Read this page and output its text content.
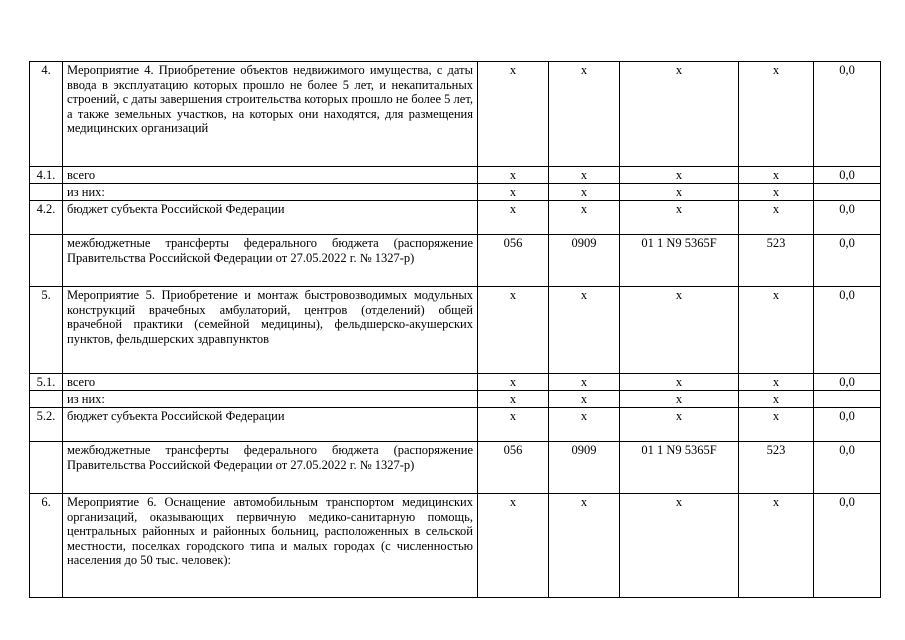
4.	Мероприятие 4. Приобретение объектов недвижимого имущества, с даты ввода в эксплуатацию которых прошло не более 5 лет, и некапитальных строений, с даты завершения строительства которых прошло не более 5 лет, а также земельных участков, на которых они находятся, для размещения медицинских организаций	х	х	х	х	0,0
4.1.	всего	х	х	х	х	0,0
	из них:	х	х	х	х	
4.2.	бюджет субъекта Российской Федерации	х	х	х	х	0,0
	межбюджетные трансферты федерального бюджета (распоряжение Правительства Российской Федерации от 27.05.2022 г. № 1327-р)	056	0909	01 1 N9 5365F	523	0,0
5.	Мероприятие 5. Приобретение и монтаж быстровозводимых модульных конструкций врачебных амбулаторий, центров (отделений) общей врачебной практики (семейной медицины), фельдшерско-акушерских пунктов, фельдшерских здравпунктов	х	х	х	х	0,0
5.1.	всего	х	х	х	х	0,0
	из них:	х	х	х	х	
5.2.	бюджет субъекта Российской Федерации	х	х	х	х	0,0
	межбюджетные трансферты федерального бюджета (распоряжение Правительства Российской Федерации от 27.05.2022 г. № 1327-р)	056	0909	01 1 N9 5365F	523	0,0
6.	Мероприятие 6. Оснащение автомобильным транспортом медицинских организаций, оказывающих первичную медико-санитарную помощь, центральных районных и районных больниц, расположенных в сельской местности, поселках городского типа и малых городах (с численностью населения до 50 тыс. человек):	х	х	х	х	0,0
